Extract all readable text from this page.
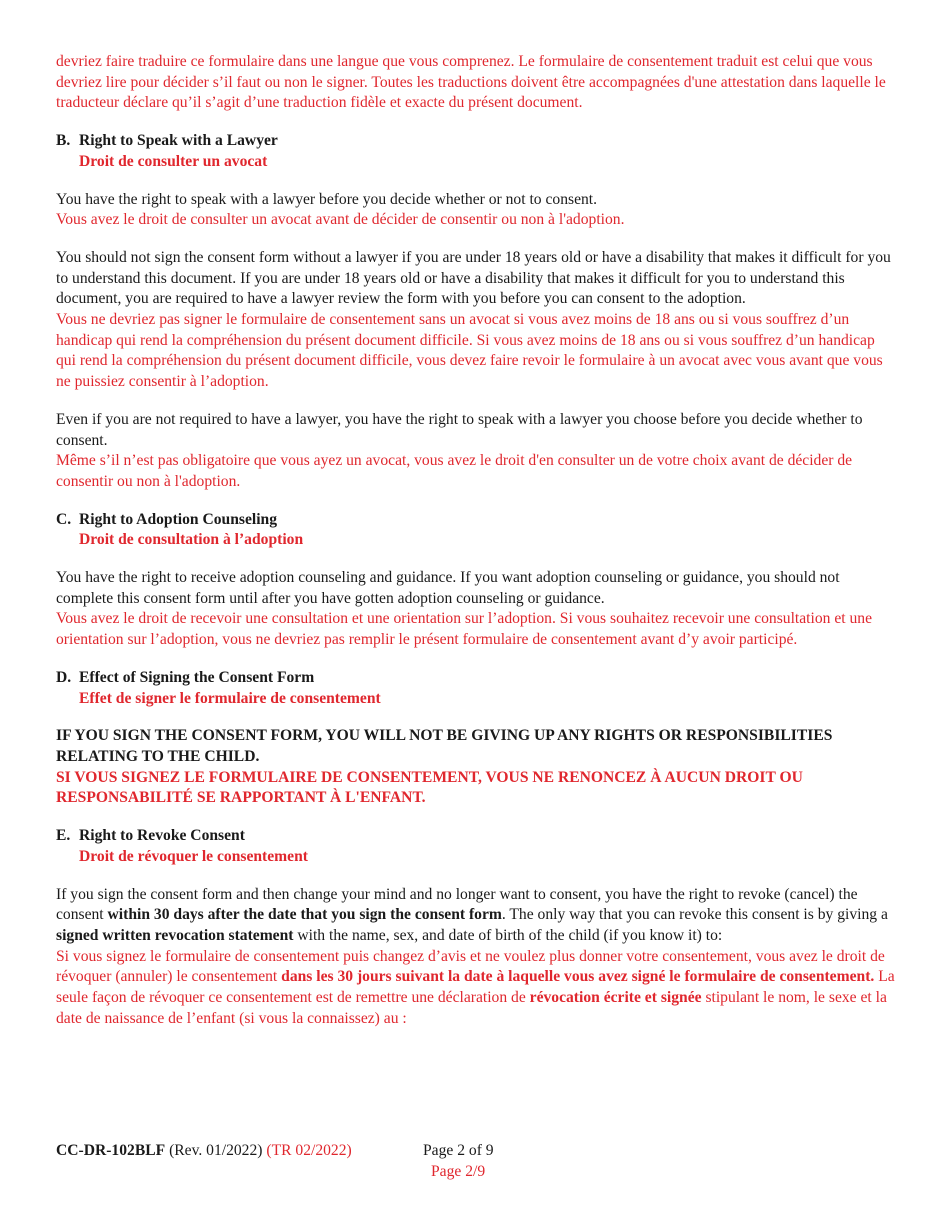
devriez faire traduire ce formulaire dans une langue que vous comprenez. Le formulaire de consentement traduit est celui que vous devriez lire pour décider s’il faut ou non le signer. Toutes les traductions doivent être accompagnées d'une attestation dans laquelle le traducteur déclare qu’il s’agit d’une traduction fidèle et exacte du présent document.

B. Right to Speak with a Lawyer

Droit de consulter un avocat

You have the right to speak with a lawyer before you decide whether or not to consent.

Vous avez le droit de consulter un avocat avant de décider de consentir ou non à l'adoption.

You should not sign the consent form without a lawyer if you are under 18 years old or have a disability that makes it difficult for you to understand this document. If you are under 18 years old or have a disability that makes it difficult for you to understand this document, you are required to have a lawyer review the form with you before you can consent to the adoption.

Vous ne devriez pas signer le formulaire de consentement sans un avocat si vous avez moins de 18 ans ou si vous souffrez d’un handicap qui rend la compréhension du présent document difficile. Si vous avez moins de 18 ans ou si vous souffrez d’un handicap qui rend la compréhension du présent document difficile, vous devez faire revoir le formulaire à un avocat avec vous avant que vous ne puissiez consentir à l’adoption.

Even if you are not required to have a lawyer, you have the right to speak with a lawyer you choose before you decide whether to consent.

Même s’il n’est pas obligatoire que vous ayez un avocat, vous avez le droit d'en consulter un de votre choix avant de décider de consentir ou non à l'adoption.

C. Right to Adoption Counseling

Droit de consultation à l’adoption

You have the right to receive adoption counseling and guidance. If you want adoption counseling or guidance, you should not complete this consent form until after you have gotten adoption counseling or guidance.

Vous avez le droit de recevoir une consultation et une orientation sur l’adoption. Si vous souhaitez recevoir une consultation et une orientation sur l’adoption, vous ne devriez pas remplir le présent formulaire de consentement avant d’y avoir participé.

D. Effect of Signing the Consent Form

Effet de signer le formulaire de consentement

IF YOU SIGN THE CONSENT FORM, YOU WILL NOT BE GIVING UP ANY RIGHTS OR RESPONSIBILITIES RELATING TO THE CHILD.

SI VOUS SIGNEZ LE FORMULAIRE DE CONSENTEMENT, VOUS NE RENONCEZ À AUCUN DROIT OU RESPONSABILITÉ SE RAPPORTANT À L'ENFANT.

E. Right to Revoke Consent

Droit de révoquer le consentement

If you sign the consent form and then change your mind and no longer want to consent, you have the right to revoke (cancel) the consent within 30 days after the date that you sign the consent form. The only way that you can revoke this consent is by giving a signed written revocation statement with the name, sex, and date of birth of the child (if you know it) to:

Si vous signez le formulaire de consentement puis changez d’avis et ne voulez plus donner votre consentement, vous avez le droit de révoquer (annuler) le consentement dans les 30 jours suivant la date à laquelle vous avez signé le formulaire de consentement. La seule façon de révoquer ce consentement est de remettre une déclaration de révocation écrite et signée stipulant le nom, le sexe et la date de naissance de l’enfant (si vous la connaissez) au :

CC-DR-102BLF (Rev. 01/2022) (TR 02/2022)	Page 2 of 9

Page 2/9
